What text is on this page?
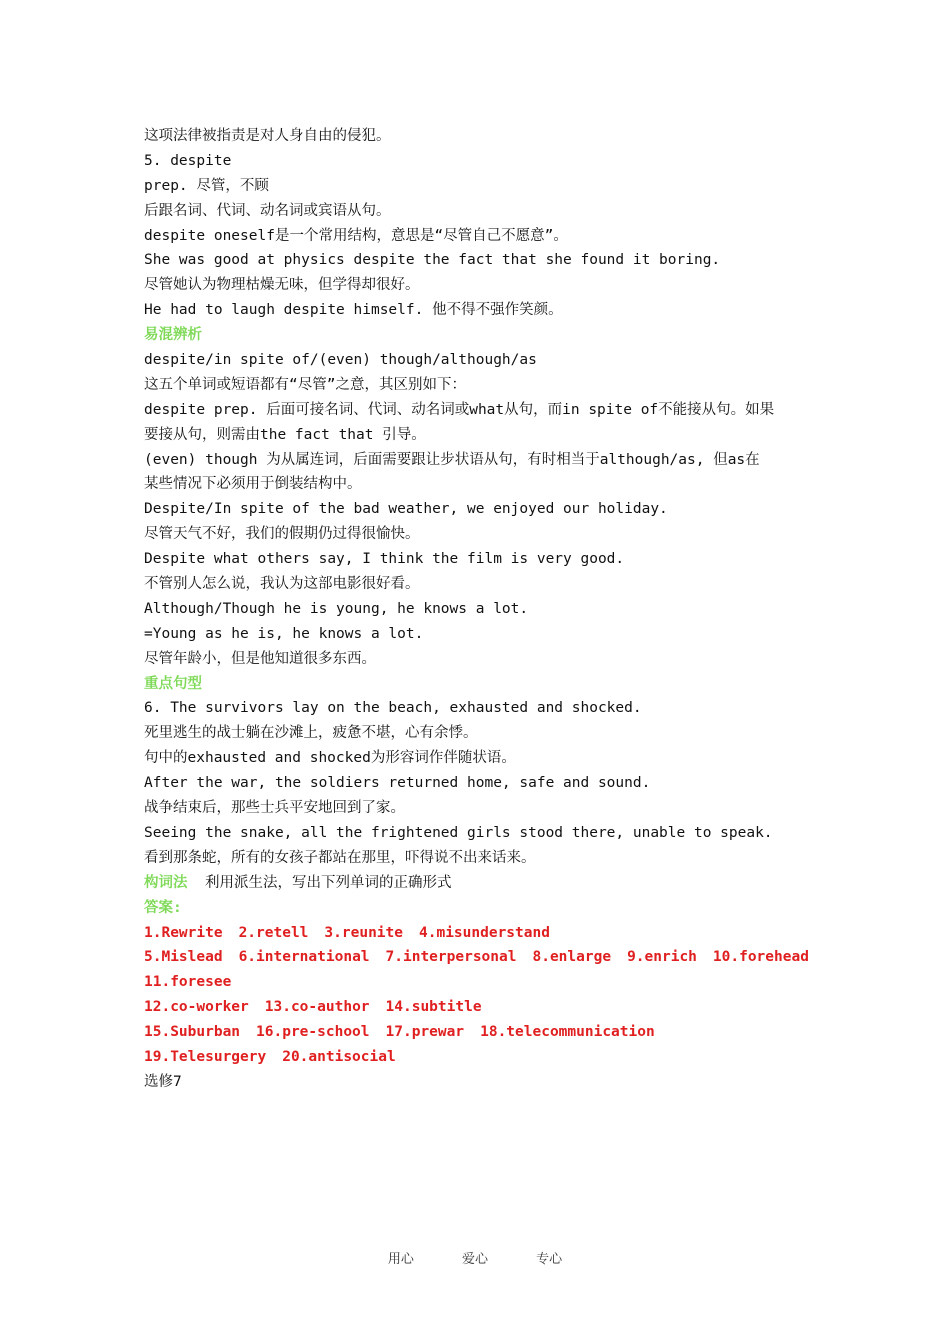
这项法律被指责是对人身自由的侵犯。
5. despite
prep. 尽管，不顾
后跟名词、代词、动名词或宾语从句。
despite oneself是一个常用结构，意思是“尽管自己不愿意”。
She was good at physics despite the fact that she found it boring.
尽管她认为物理枯燥无味，但学得却很好。
He had to laugh despite himself. 他不得不强作笑颜。
易混辨析
despite/in spite of/(even) though/although/as
这五个单词或短语都有“尽管”之意，其区别如下：
despite prep. 后面可接名词、代词、动名词或what从句，而in spite of不能接从句。如果
要接从句，则需由the fact that 引导。
(even) though 为从属连词，后面需要跟让步状语从句，有时相当于although/as, 但as在
某些情况下必须用于倒装结构中。
Despite/In spite of the bad weather, we enjoyed our holiday.
尽管天气不好，我们的假期仍过得很愉快。
Despite what others say, I think the film is very good.
不管别人怎么说，我认为这部电影很好看。
Although/Though he is young, he knows a lot.
=Young as he is, he knows a lot.
尽管年龄小，但是他知道很多东西。
重点句型
6. The survivors lay on the beach, exhausted and shocked.
死里逃生的战士躺在沙滩上，疲惫不堪，心有余悸。
句中的exhausted and shocked为形容词作伴随状语。
After the war, the soldiers returned home, safe and sound.
战争结束后，那些士兵平安地回到了家。
Seeing the snake, all the frightened girls stood there, unable to speak.
看到那条蛇，所有的女孩子都站在那里，吓得说不出来话来。
构词法  利用派生法，写出下列单词的正确形式
答案:
1.Rewrite 2.retell 3.reunite 4.misunderstand
5.Mislead 6.international 7.interpersonal 8.enlarge 9.enrich 10.forehead
11.foresee
12.co-worker 13.co-author 14.subtitle
15.Suburban 16.pre-school 17.prewar 18.telecommunication
19.Telesurgery 20.antisocial
选修7
用心	爱心	专心
